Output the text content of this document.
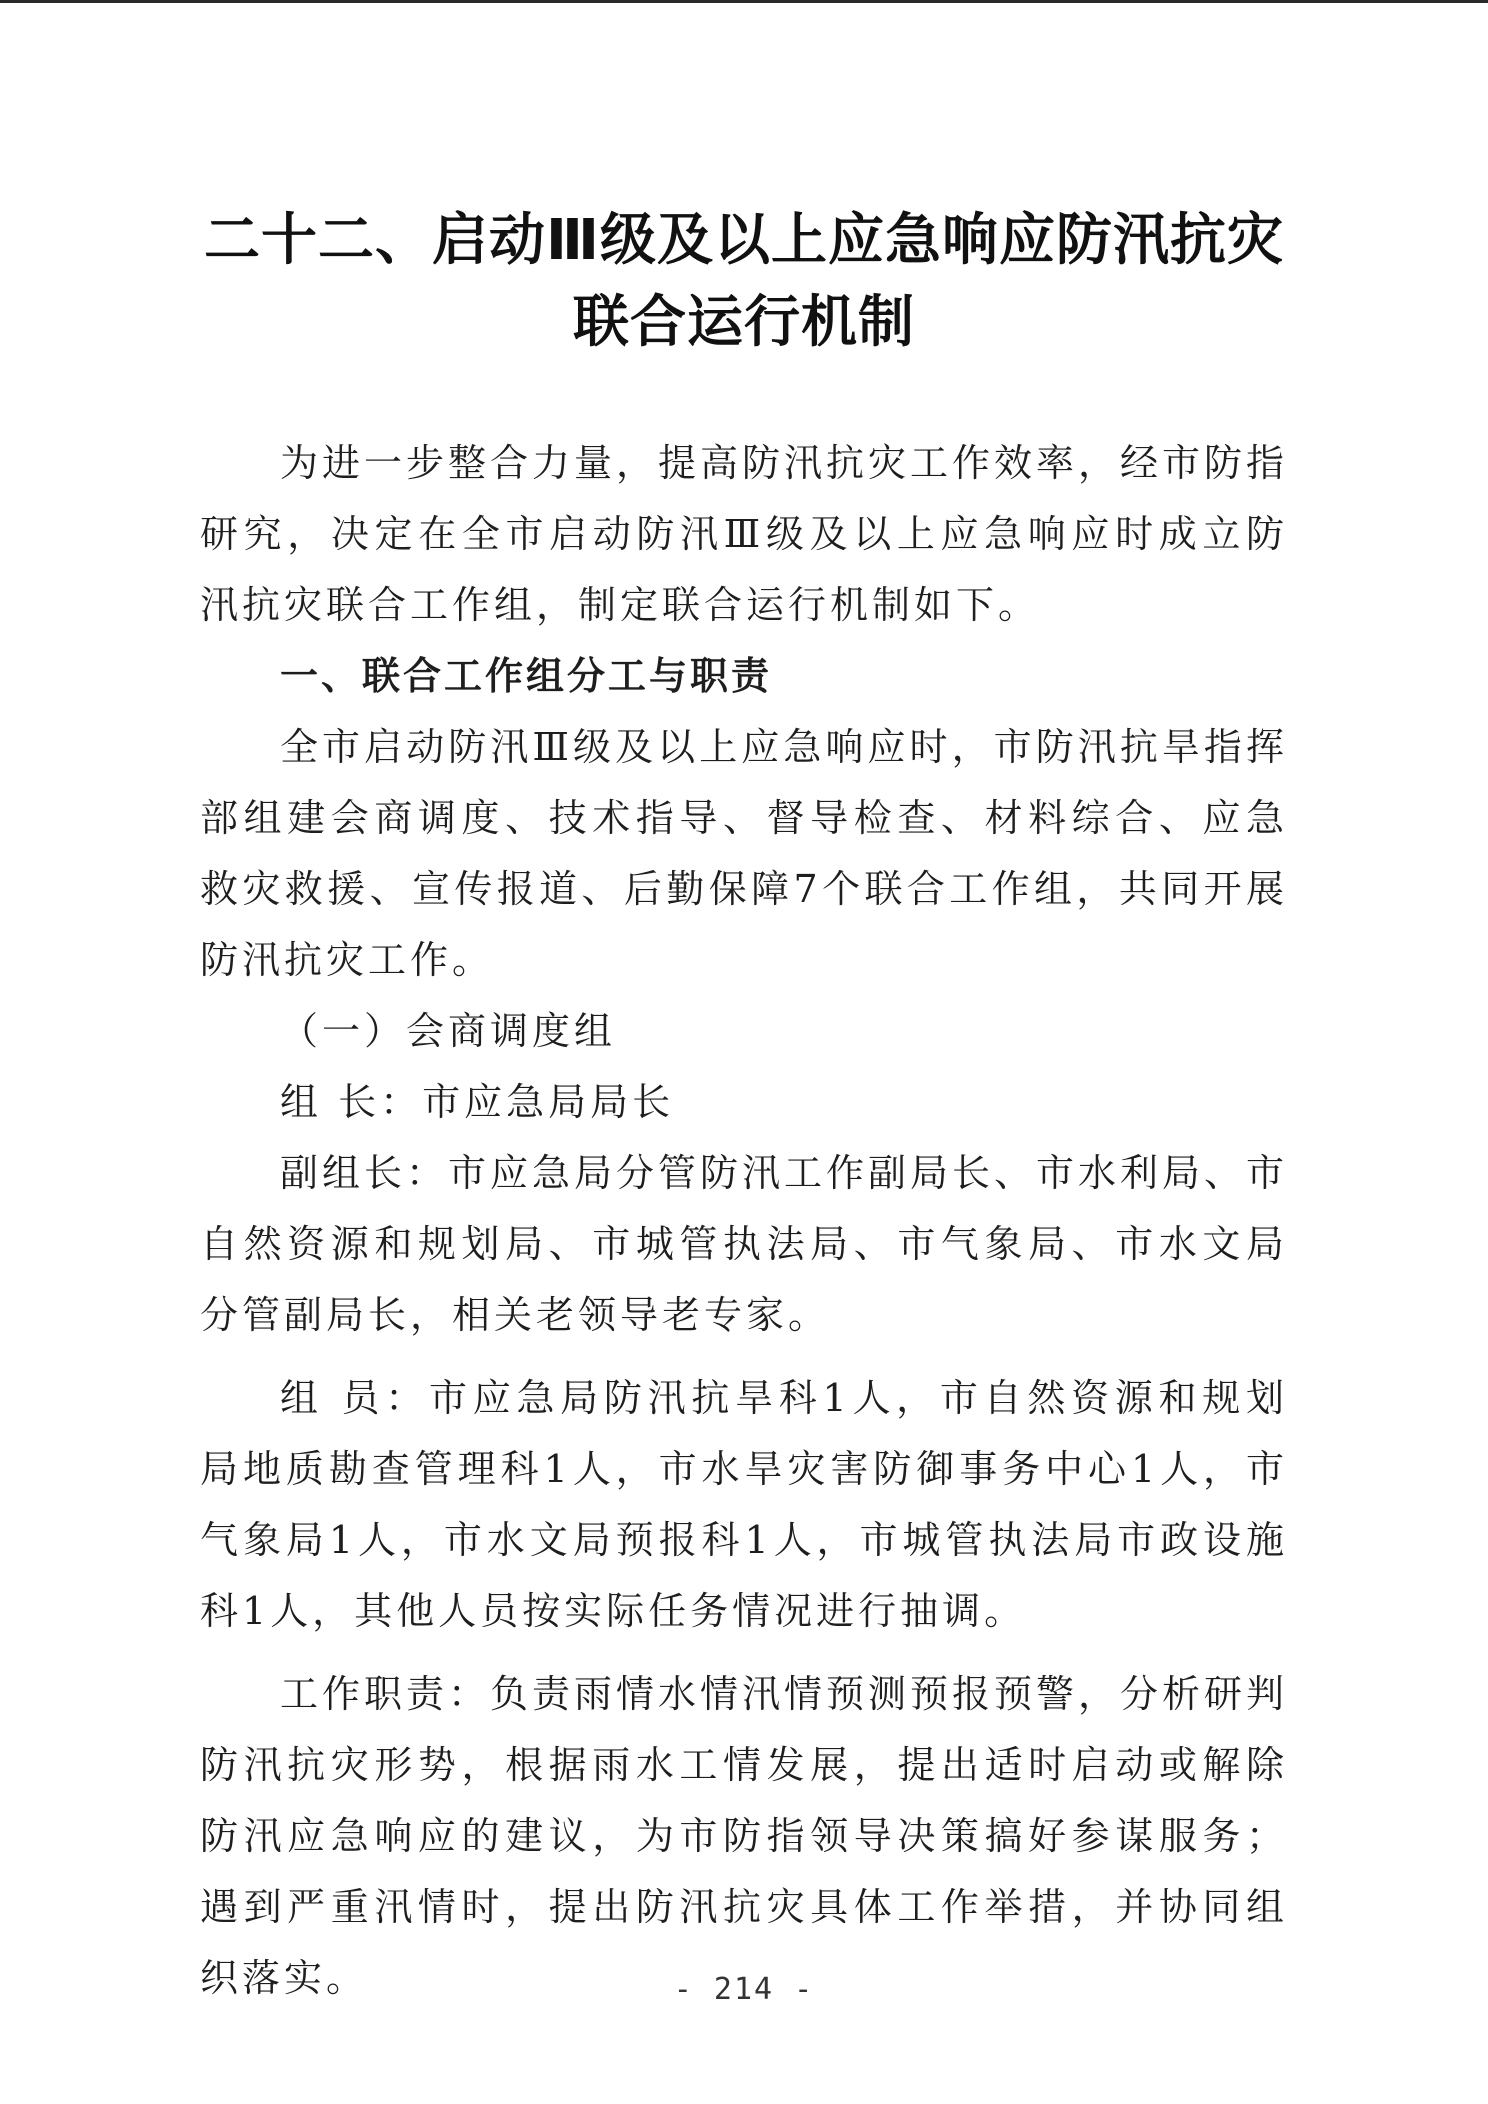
二十二、启动Ⅲ级及以上应急响应防汛抗灾
联合运行机制

为进一步整合力量，提高防汛抗灾工作效率，经市防指研究，决定在全市启动防汛Ⅲ级及以上应急响应时成立防汛抗灾联合工作组，制定联合运行机制如下。

一、联合工作组分工与职责

全市启动防汛Ⅲ级及以上应急响应时，市防汛抗旱指挥部组建会商调度、技术指导、督导检查、材料综合、应急救灾救援、宣传报道、后勤保障7个联合工作组，共同开展防汛抗灾工作。

（一）会商调度组

组 长：市应急局局长

副组长：市应急局分管防汛工作副局长、市水利局、市自然资源和规划局、市城管执法局、市气象局、市水文局分管副局长，相关老领导老专家。

组 员：市应急局防汛抗旱科1人，市自然资源和规划局地质勘查管理科1人，市水旱灾害防御事务中心1人，市气象局1人，市水文局预报科1人，市城管执法局市政设施科1人，其他人员按实际任务情况进行抽调。

工作职责：负责雨情水情汛情预测预报预警，分析研判防汛抗灾形势，根据雨水工情发展，提出适时启动或解除防汛应急响应的建议，为市防指领导决策搞好参谋服务；遇到严重汛情时，提出防汛抗灾具体工作举措，并协同组织落实。	- 214 -
